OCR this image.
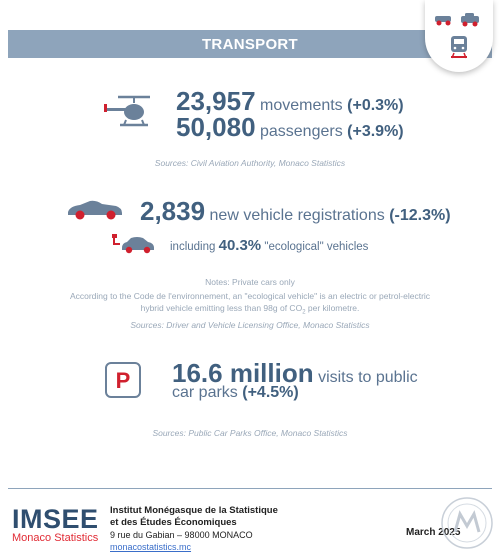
TRANSPORT
23,957 movements (+0.3%)
50,080 passengers (+3.9%)
Sources: Civil Aviation Authority, Monaco Statistics
2,839 new vehicle registrations (-12.3%)
including 40.3% "ecological" vehicles
Notes: Private cars only
According to the Code de l'environnement, an "ecological vehicle" is an electric or petrol-electric
hybrid vehicle emitting less than 98g of $CO_2$ per kilometre.
Sources: Driver and Vehicle Licensing Office, Monaco Statistics
P	16.6 million visits to public
car parks (+4.5%)
Sources: Public Car Parks Office, Monaco Statistics
IMSEE
Monaco Statistics
Institut Monégasque de la Statistique
et des Études Économiques
9 rue du Gabian – 98000 MONACO
monacostatistics.mc
March 2025
